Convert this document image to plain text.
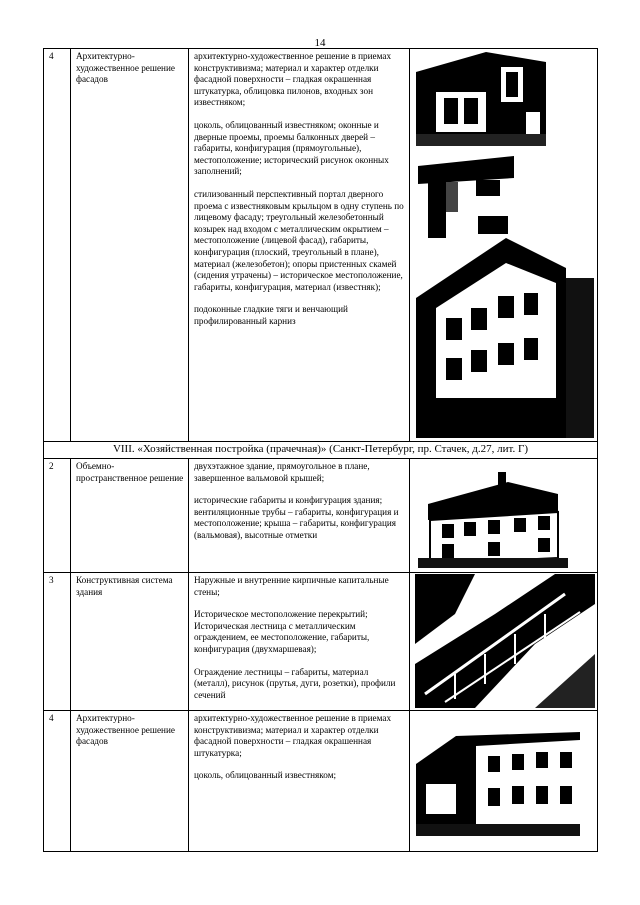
14
4	Архитектурно-художественное решение фасадов

архитектурно-художественное решение в приемах конструктивизма; материал и характер отделки фасадной поверхности – гладкая окрашенная штукатурка, облицовка пилонов, входных зон известняком;

цоколь, облицованный известняком; оконные и дверные проемы, проемы балконных дверей – габариты, конфигурация (прямоугольные), местоположение; исторический рисунок оконных заполнений;

стилизованный перспективный портал дверного проема с известняковым крыльцом в одну ступень по лицевому фасаду; треугольный железобетонный козырек над входом с металлическим окрытием – местоположение (лицевой фасад), габариты, конфигурация (плоский, треугольный в плане), материал (железобетон); опоры пристенных скамей (сидения утрачены) – историческое местоположение, габариты, конфигурация, материал (известняк);

подоконные гладкие тяги и венчающий профилированный карниз

VIII. «Хозяйственная постройка (прачечная)» (Санкт-Петербург, пр. Стачек, д.27, лит. Г)
2	Объемно-пространственное решение

двухэтажное здание, прямоугольное в плане, завершенное вальмовой крышей;

исторические габариты и конфигурация здания; вентиляционные трубы – габариты, конфигурация и местоположение; крыша – габариты, конфигурация (вальмовая), высотные отметки

3	Конструктивная система здания

Наружные и внутренние кирпичные капитальные стены;

Историческое местоположение перекрытий; Историческая лестница с металлическим ограждением, ее местоположение, габариты, конфигурация (двухмаршевая);

Ограждение лестницы – габариты, материал (металл), рисунок (прутья, дуги, розетки), профили сечений

4	Архитектурно-художественное решение фасадов

архитектурно-художественное решение в приемах конструктивизма; материал и характер отделки фасадной поверхности – гладкая окрашенная штукатурка;

цоколь, облицованный известняком;
